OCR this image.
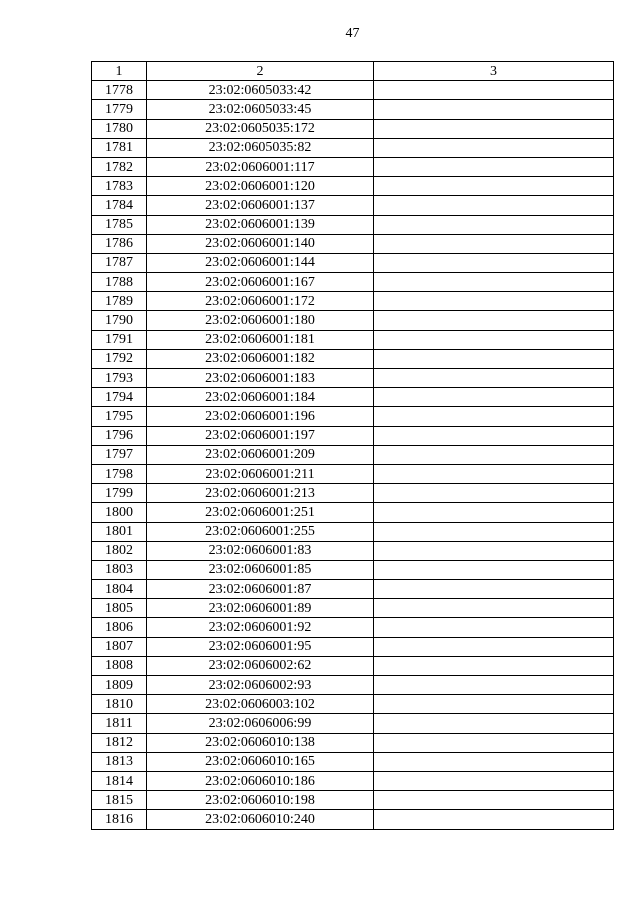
47
1	2	3
1778	23:02:0605033:42	
1779	23:02:0605033:45	
1780	23:02:0605035:172	
1781	23:02:0605035:82	
1782	23:02:0606001:117	
1783	23:02:0606001:120	
1784	23:02:0606001:137	
1785	23:02:0606001:139	
1786	23:02:0606001:140	
1787	23:02:0606001:144	
1788	23:02:0606001:167	
1789	23:02:0606001:172	
1790	23:02:0606001:180	
1791	23:02:0606001:181	
1792	23:02:0606001:182	
1793	23:02:0606001:183	
1794	23:02:0606001:184	
1795	23:02:0606001:196	
1796	23:02:0606001:197	
1797	23:02:0606001:209	
1798	23:02:0606001:211	
1799	23:02:0606001:213	
1800	23:02:0606001:251	
1801	23:02:0606001:255	
1802	23:02:0606001:83	
1803	23:02:0606001:85	
1804	23:02:0606001:87	
1805	23:02:0606001:89	
1806	23:02:0606001:92	
1807	23:02:0606001:95	
1808	23:02:0606002:62	
1809	23:02:0606002:93	
1810	23:02:0606003:102	
1811	23:02:0606006:99	
1812	23:02:0606010:138	
1813	23:02:0606010:165	
1814	23:02:0606010:186	
1815	23:02:0606010:198	
1816	23:02:0606010:240	
